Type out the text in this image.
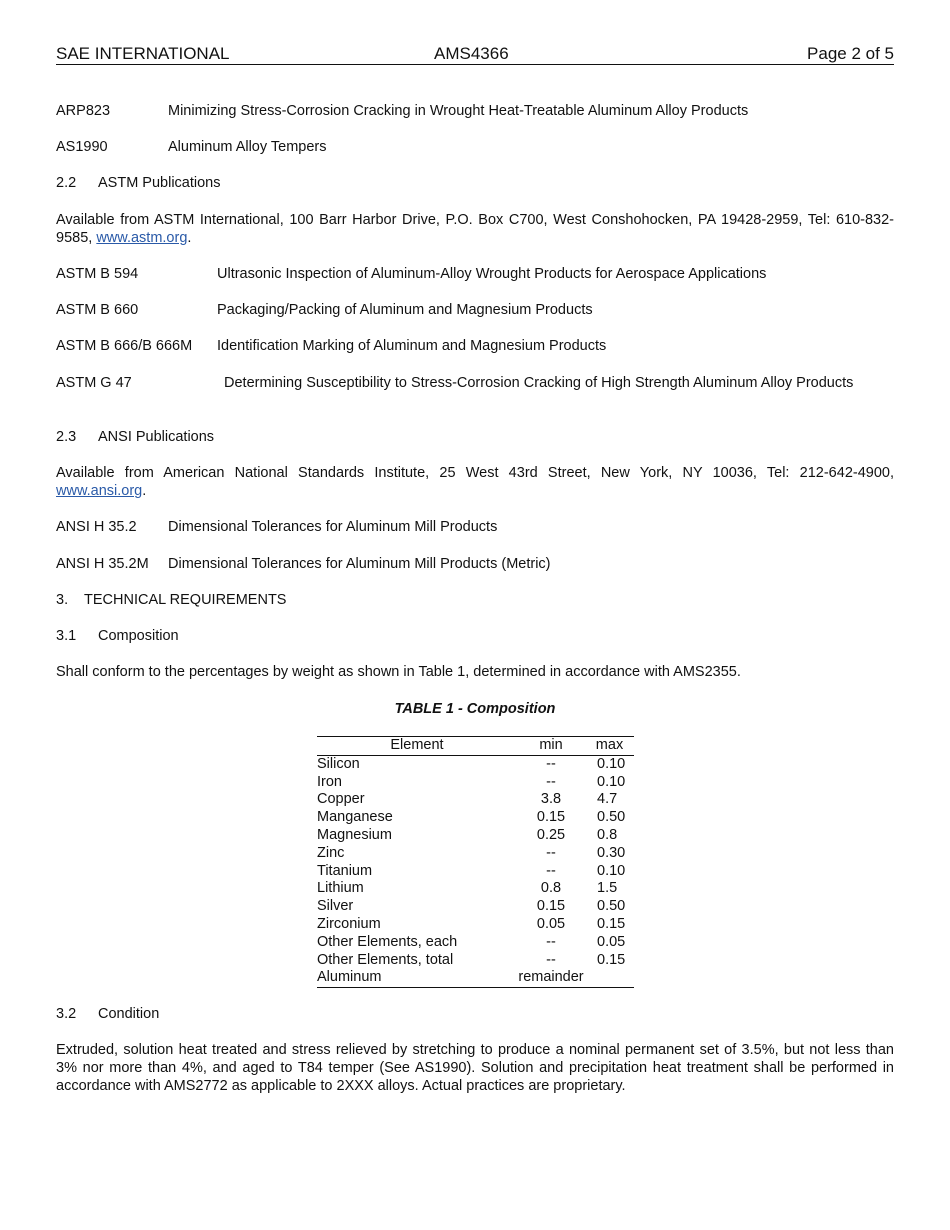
SAE INTERNATIONAL	AMS4366	Page 2 of 5
ARP823	Minimizing Stress-Corrosion Cracking in Wrought Heat-Treatable Aluminum Alloy Products
AS1990	Aluminum Alloy Tempers
2.2 ASTM Publications
Available from ASTM International, 100 Barr Harbor Drive, P.O. Box C700, West Conshohocken, PA 19428-2959, Tel: 610-832-9585, www.astm.org.
ASTM B 594	Ultrasonic Inspection of Aluminum-Alloy Wrought Products for Aerospace Applications
ASTM B 660	Packaging/Packing of Aluminum and Magnesium Products
ASTM B 666/B 666M Identification Marking of Aluminum and Magnesium Products
ASTM G 47	Determining Susceptibility to Stress-Corrosion Cracking of High Strength Aluminum Alloy Products
2.3 ANSI Publications
Available from American National Standards Institute, 25 West 43rd Street, New York, NY 10036, Tel: 212-642-4900, www.ansi.org.
ANSI H 35.2 Dimensional Tolerances for Aluminum Mill Products
ANSI H 35.2M Dimensional Tolerances for Aluminum Mill Products (Metric)
3. TECHNICAL REQUIREMENTS
3.1 Composition
Shall conform to the percentages by weight as shown in Table 1, determined in accordance with AMS2355.
TABLE 1 - Composition
Element	min	max
Silicon	--	0.10
Iron	--	0.10
Copper	3.8	4.7
Manganese	0.15	0.50
Magnesium	0.25	0.8
Zinc	--	0.30
Titanium	--	0.10
Lithium	0.8	1.5
Silver	0.15	0.50
Zirconium	0.05	0.15
Other Elements, each	--	0.05
Other Elements, total	--	0.15
Aluminum	remainder	
3.2 Condition
Extruded, solution heat treated and stress relieved by stretching to produce a nominal permanent set of 3.5%, but not less than 3% nor more than 4%, and aged to T84 temper (See AS1990). Solution and precipitation heat treatment shall be performed in accordance with AMS2772 as applicable to 2XXX alloys. Actual practices are proprietary.
